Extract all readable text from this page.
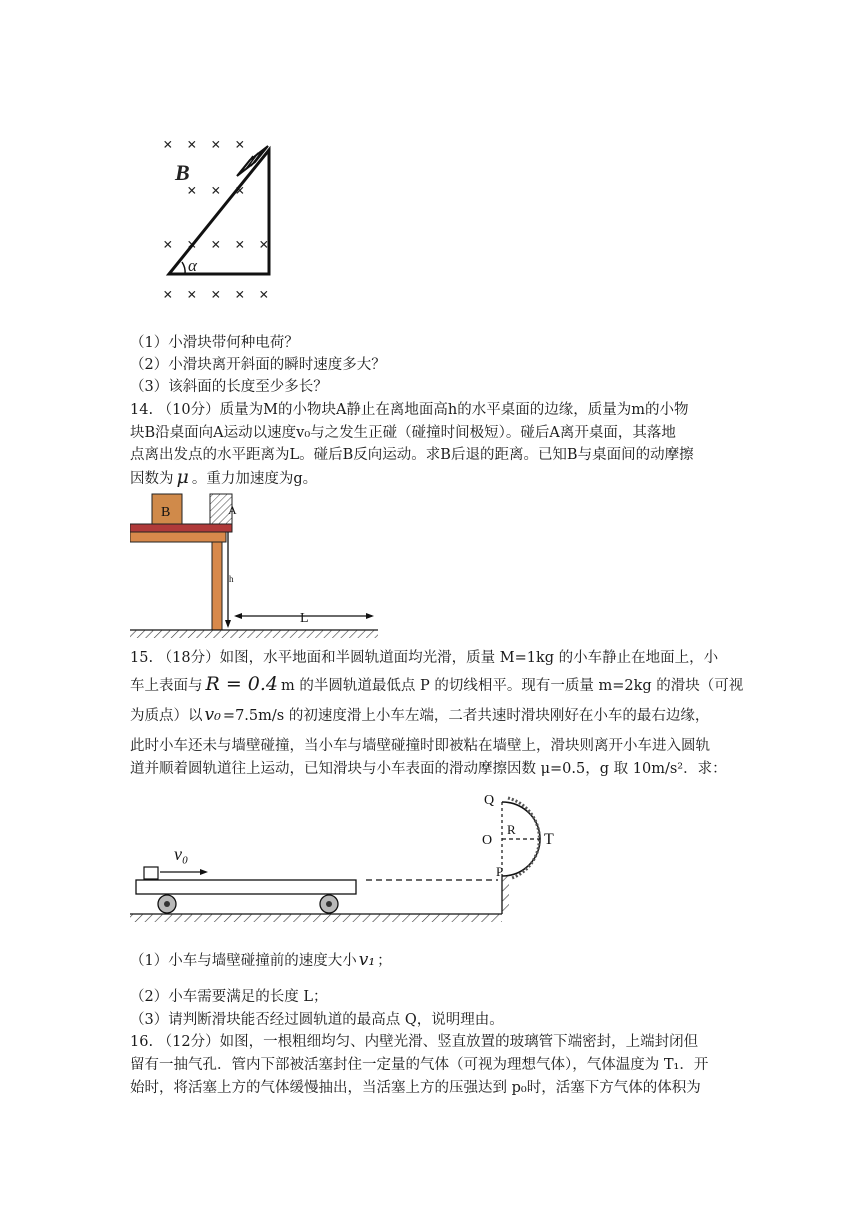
× × × ×
× × ×
× × × × ×
× × × × ×
B
α
（1）小滑块带何种电荷？
（2）小滑块离开斜面的瞬时速度多大？
（3）该斜面的长度至少多长？
14. （10分）质量为M的小物块A静止在离地面高h的水平桌面的边缘，质量为m的小物
块B沿桌面向A运动以速度v₀与之发生正碰（碰撞时间极短）。碰后A离开桌面，其落地
点离出发点的水平距离为L。碰后B反向运动。求B后退的距离。已知B与桌面间的动摩擦
因数为 μ 。重力加速度为g。
B	A
h
L
15. （18分）如图，水平地面和半圆轨道面均光滑，质量 M=1kg 的小车静止在地面上，小
车上表面与 R = 0.4 m 的半圆轨道最低点 P 的切线相平。现有一质量 m=2kg 的滑块（可视
为质点）以 v₀ =7.5m/s 的初速度滑上小车左端，二者共速时滑块刚好在小车的最右边缘，
此时小车还未与墙壁碰撞，当小车与墙壁碰撞时即被粘在墙壁上，滑块则离开小车进入圆轨
道并顺着圆轨道往上运动，已知滑块与小车表面的滑动摩擦因数 μ=0.5，g 取 10m/s²．求：
v₀
Q
R
O	T
P
（1）小车与墙壁碰撞前的速度大小 v₁ ；
（2）小车需要满足的长度 L；
（3）请判断滑块能否经过圆轨道的最高点 Q，说明理由。
16. （12分）如图，一根粗细均匀、内壁光滑、竖直放置的玻璃管下端密封，上端封闭但
留有一抽气孔．管内下部被活塞封住一定量的气体（可视为理想气体），气体温度为 T₁．开
始时，将活塞上方的气体缓慢抽出，当活塞上方的压强达到 p₀时，活塞下方气体的体积为
